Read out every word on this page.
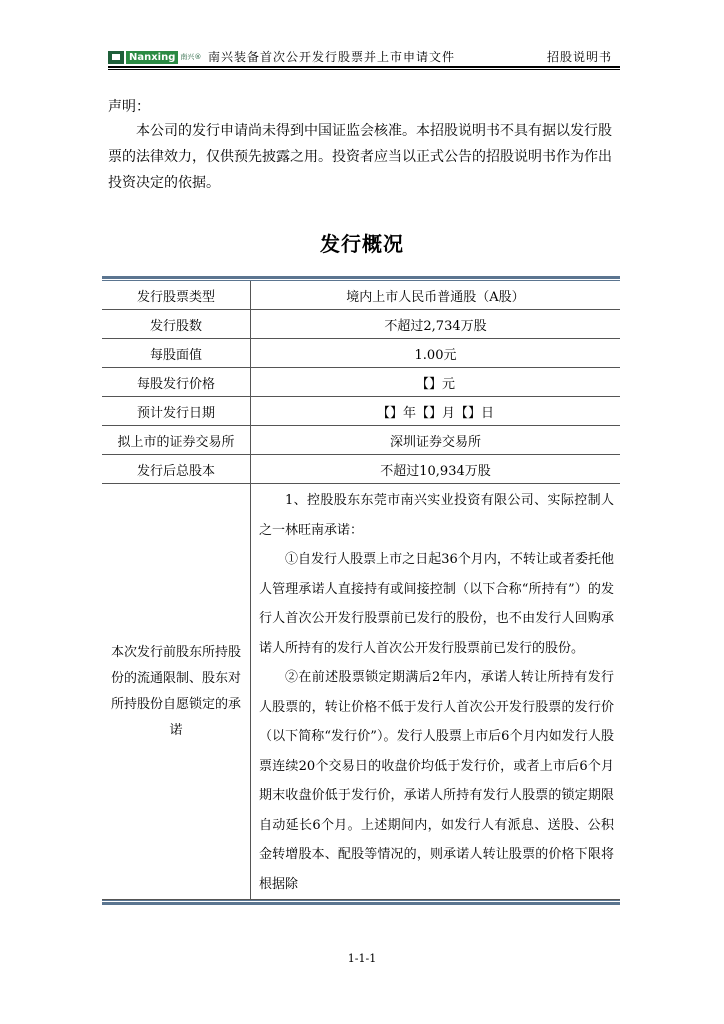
Nanxing 南兴® 南兴装备首次公开发行股票并上市申请文件	招股说明书
声明：
本公司的发行申请尚未得到中国证监会核准。本招股说明书不具有据以发行股票的法律效力，仅供预先披露之用。投资者应当以正式公告的招股说明书作为作出投资决定的依据。
发行概况
发行股票类型	境内上市人民币普通股（A股）
发行股数	不超过2,734万股
每股面值	1.00元
每股发行价格	【】元
预计发行日期	【】年【】月【】日
拟上市的证券交易所	深圳证券交易所
发行后总股本	不超过10,934万股
本次发行前股东所持股份的流通限制、股东对所持股份自愿锁定的承诺	1、控股股东东莞市南兴实业投资有限公司、实际控制人之一林旺南承诺：

①自发行人股票上市之日起36个月内，不转让或者委托他人管理承诺人直接持有或间接控制（以下合称“所持有”）的发行人首次公开发行股票前已发行的股份，也不由发行人回购承诺人所持有的发行人首次公开发行股票前已发行的股份。

②在前述股票锁定期满后2年内，承诺人转让所持有发行人股票的，转让价格不低于发行人首次公开发行股票的发行价（以下简称“发行价”）。发行人股票上市后6个月内如发行人股票连续20个交易日的收盘价均低于发行价，或者上市后6个月期末收盘价低于发行价，承诺人所持有发行人股票的锁定期限自动延长6个月。上述期间内，如发行人有派息、送股、公积金转增股本、配股等情况的，则承诺人转让股票的价格下限将根据除

1-1-1
